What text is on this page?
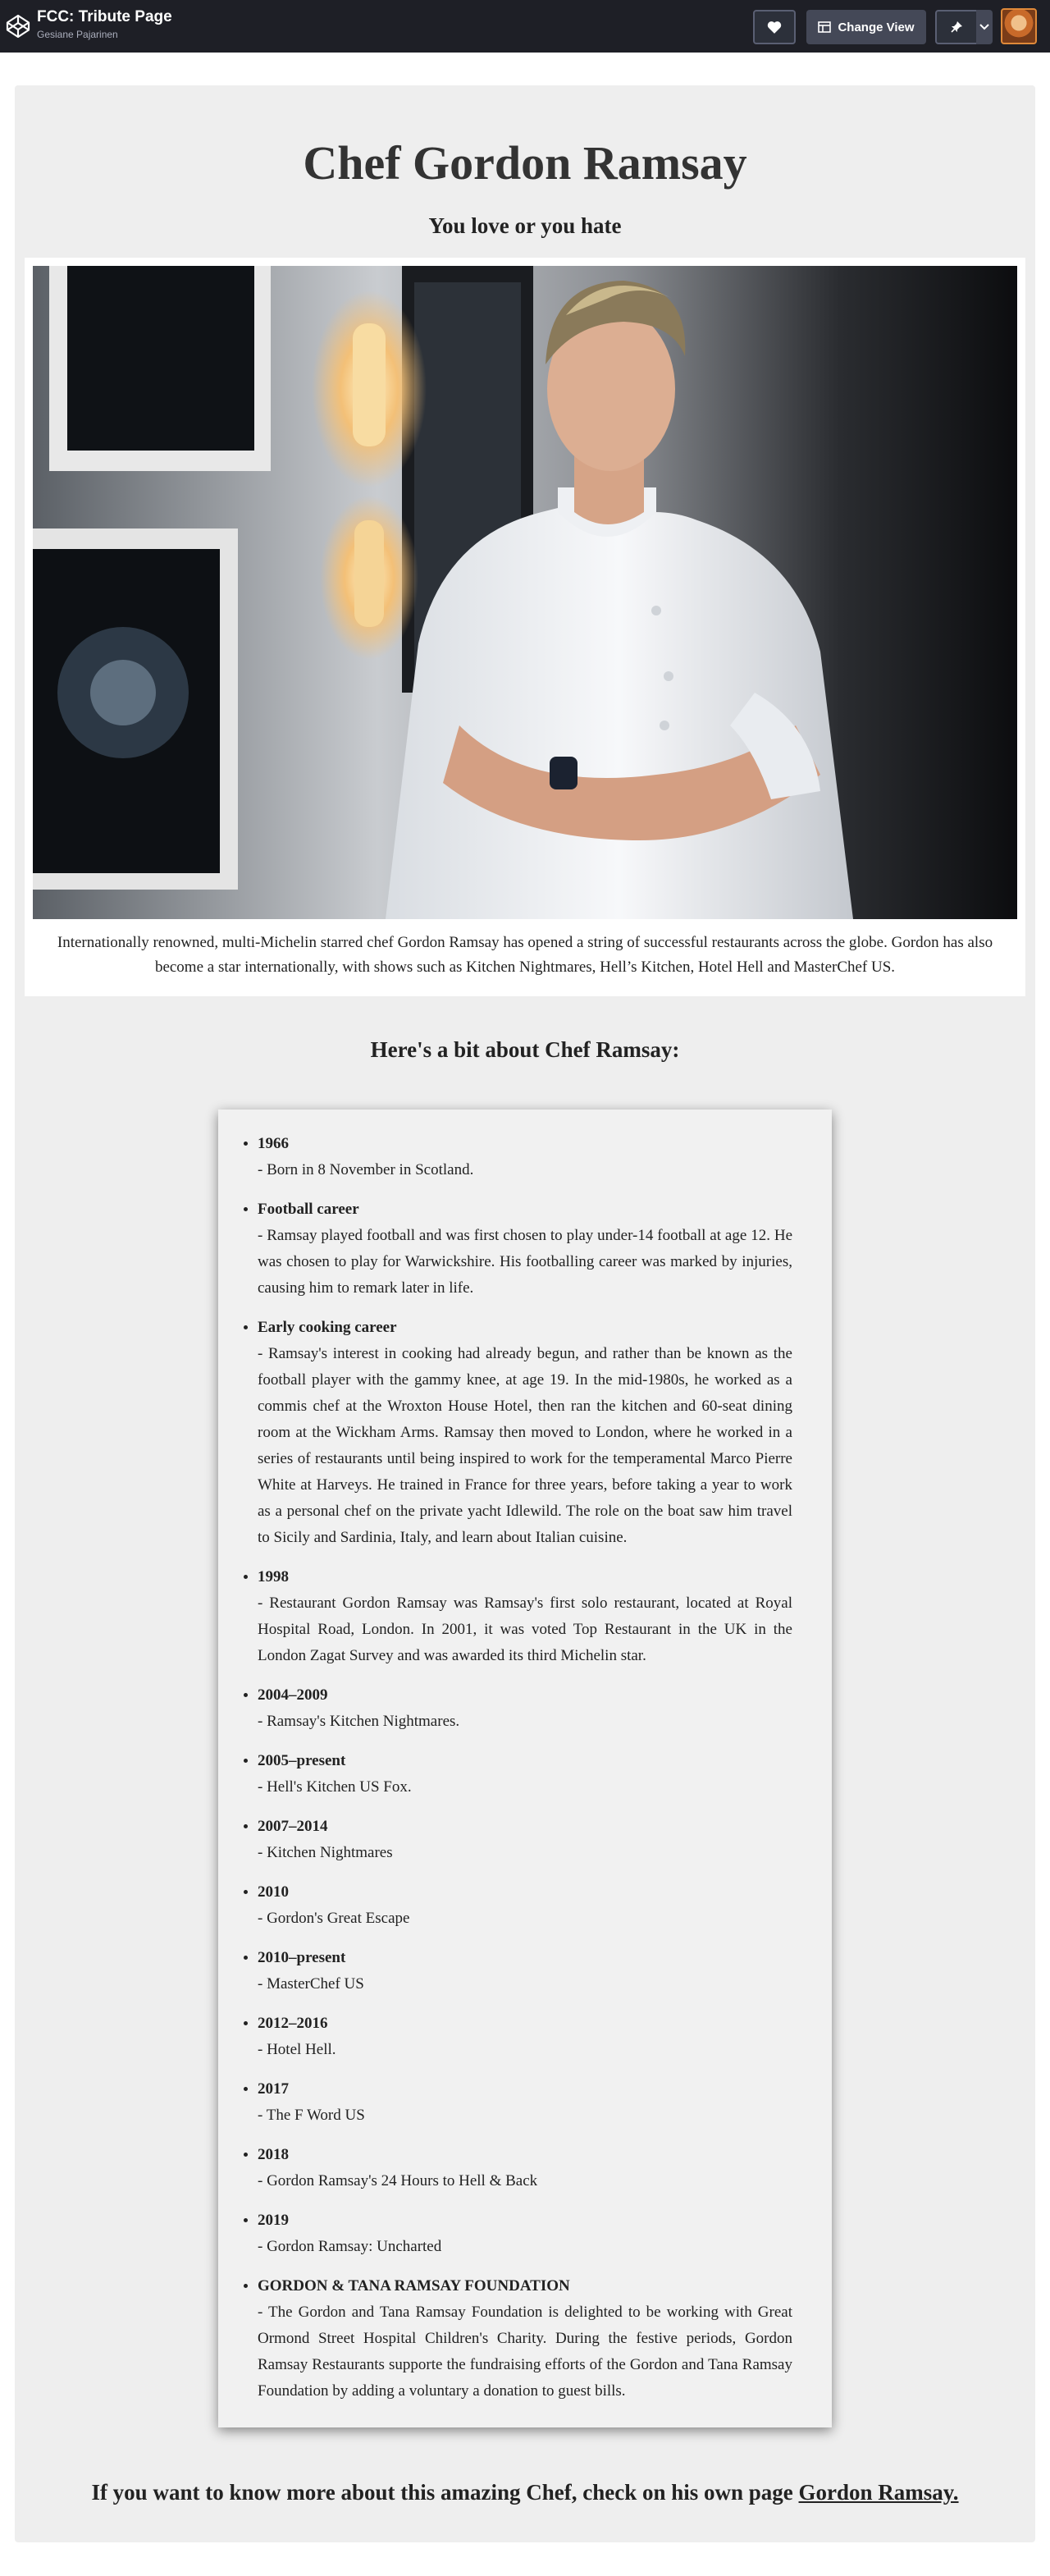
FCC: Tribute Page
Gesiane Pajarinen
Change View
Chef Gordon Ramsay
You love or you hate
Internationally renowned, multi-Michelin starred chef Gordon Ramsay has opened a string of successful restaurants across the globe. Gordon has also become a star internationally, with shows such as Kitchen Nightmares, Hell’s Kitchen, Hotel Hell and MasterChef US.
Here's a bit about Chef Ramsay:
• 1966
- Born in 8 November in Scotland.
• Football career
- Ramsay played football and was first chosen to play under-14 football at age 12. He was chosen to play for Warwickshire. His footballing career was marked by injuries, causing him to remark later in life.
• Early cooking career
- Ramsay's interest in cooking had already begun, and rather than be known as the football player with the gammy knee, at age 19. In the mid-1980s, he worked as a commis chef at the Wroxton House Hotel, then ran the kitchen and 60-seat dining room at the Wickham Arms. Ramsay then moved to London, where he worked in a series of restaurants until being inspired to work for the temperamental Marco Pierre White at Harveys. He trained in France for three years, before taking a year to work as a personal chef on the private yacht Idlewild. The role on the boat saw him travel to Sicily and Sardinia, Italy, and learn about Italian cuisine.
• 1998
- Restaurant Gordon Ramsay was Ramsay's first solo restaurant, located at Royal Hospital Road, London. In 2001, it was voted Top Restaurant in the UK in the London Zagat Survey and was awarded its third Michelin star.
• 2004–2009
- Ramsay's Kitchen Nightmares.
• 2005–present
- Hell's Kitchen US Fox.
• 2007–2014
- Kitchen Nightmares
• 2010
- Gordon's Great Escape
• 2010–present
- MasterChef US
• 2012–2016
- Hotel Hell.
• 2017
- The F Word US
• 2018
- Gordon Ramsay's 24 Hours to Hell & Back
• 2019
- Gordon Ramsay: Uncharted
• GORDON & TANA RAMSAY FOUNDATION
- The Gordon and Tana Ramsay Foundation is delighted to be working with Great Ormond Street Hospital Children's Charity. During the festive periods, Gordon Ramsay Restaurants supporte the fundraising efforts of the Gordon and Tana Ramsay Foundation by adding a voluntary a donation to guest bills.
If you want to know more about this amazing Chef, check on his own page Gordon Ramsay.
